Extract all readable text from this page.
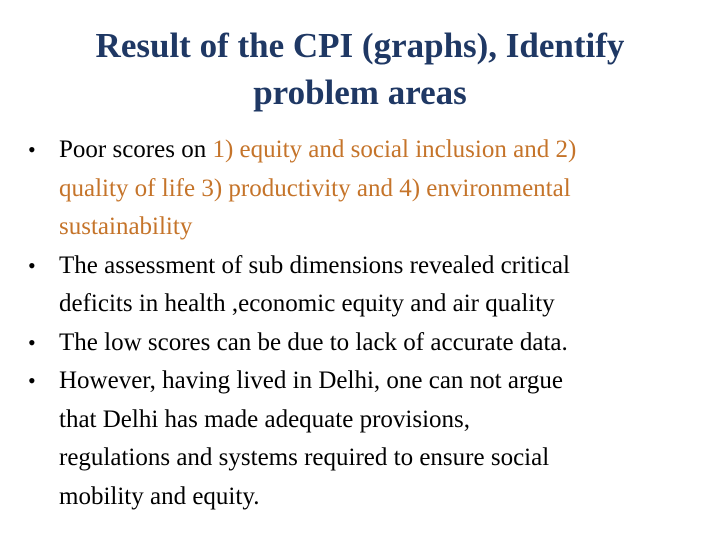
Result of the CPI (graphs), Identify
problem areas
• Poor scores on 1) equity and social inclusion and 2)
quality of life 3) productivity and 4) environmental
sustainability
• The assessment of sub dimensions revealed critical
deficits in health ,economic equity and air quality
• The low scores can be due to lack of accurate data.
• However, having lived in Delhi, one can not argue
that Delhi has made adequate provisions,
regulations and systems required to ensure social
mobility and equity.
